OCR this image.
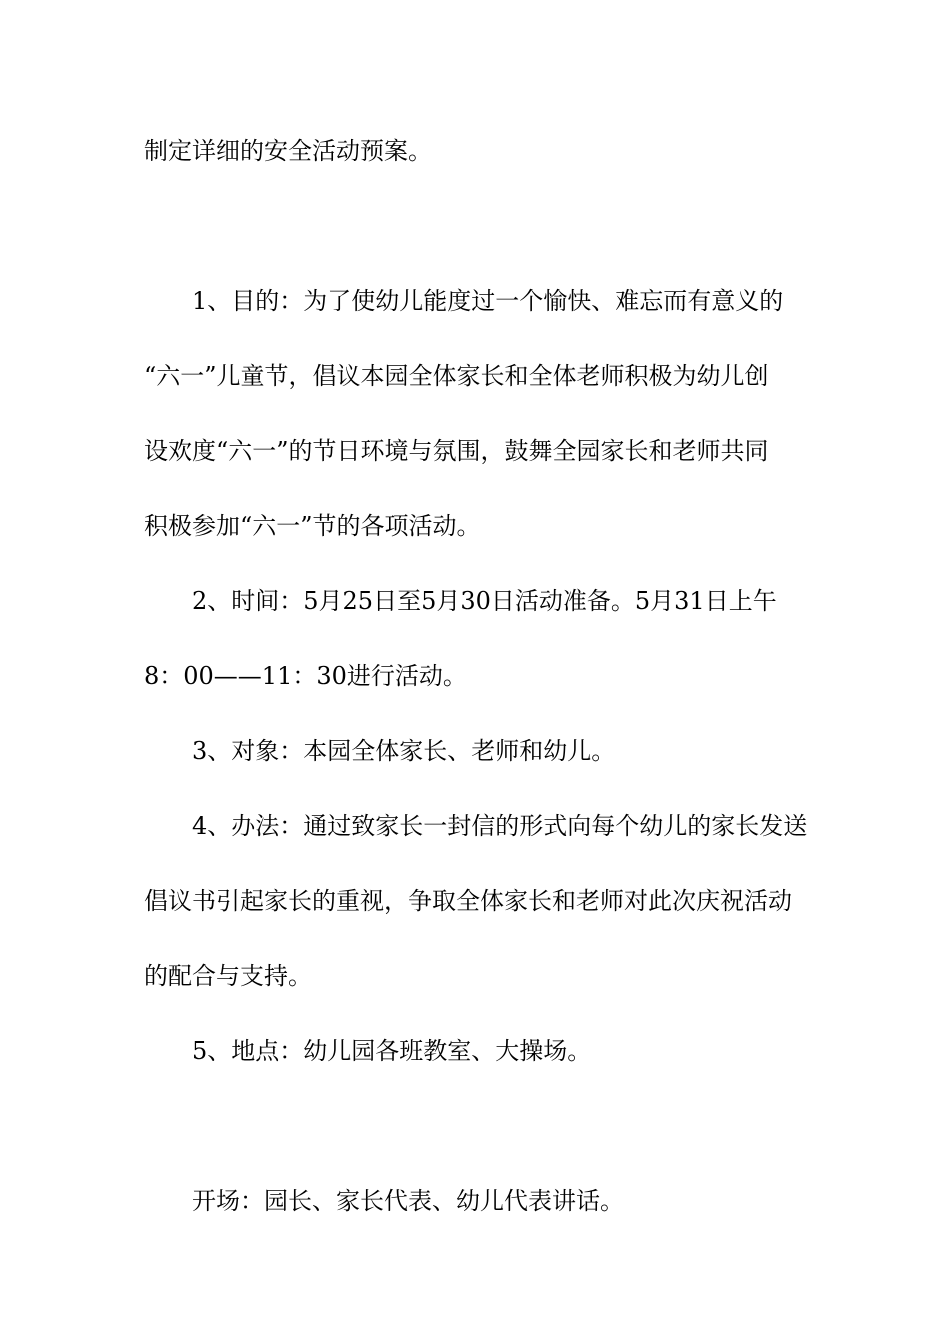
制定详细的安全活动预案。

1、目的：为了使幼儿能度过一个愉快、难忘而有意义的

“六一”儿童节，倡议本园全体家长和全体老师积极为幼儿创

设欢度“六一”的节日环境与氛围，鼓舞全园家长和老师共同

积极参加“六一”节的各项活动。

2、时间：5月25日至5月30日活动准备。5月31日上午

8：00——11：30进行活动。

3、对象：本园全体家长、老师和幼儿。

4、办法：通过致家长一封信的形式向每个幼儿的家长发送

倡议书引起家长的重视，争取全体家长和老师对此次庆祝活动

的配合与支持。

5、地点：幼儿园各班教室、大操场。

开场：园长、家长代表、幼儿代表讲话。
